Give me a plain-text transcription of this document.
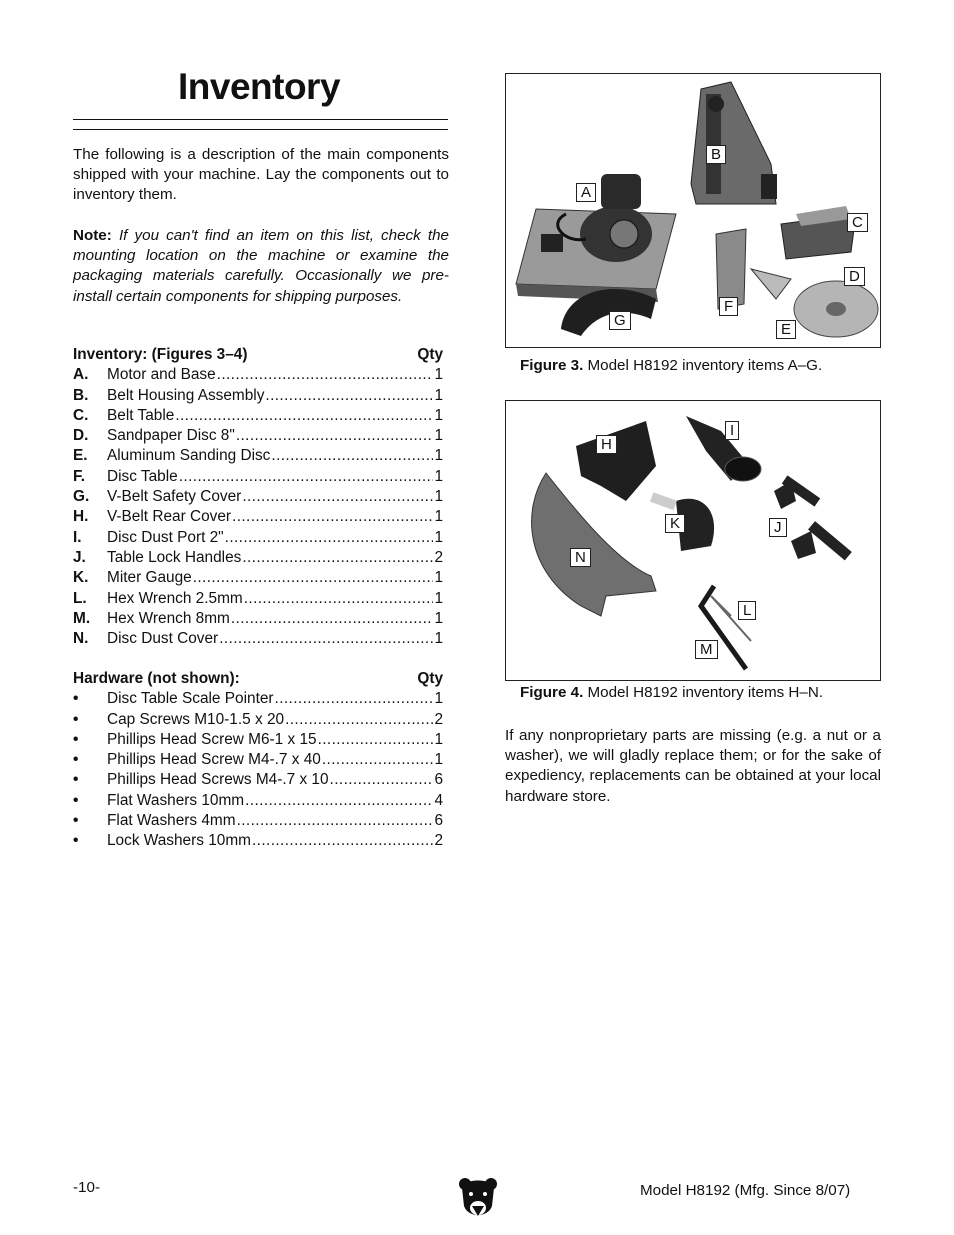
Inventory
The following is a description of the main components shipped with your machine. Lay the components out to inventory them.
Note: If you can't find an item on this list, check the mounting location on the machine or examine the packaging materials carefully. Occasionally we pre-install certain components for shipping purposes.
Inventory: (Figures 3–4)	Qty
A.	Motor and Base .....	1
B.	Belt Housing Assembly .....	1
C.	Belt Table .....	1
D.	Sandpaper Disc 8" .....	1
E.	Aluminum Sanding Disc .....	1
F.	Disc Table .....	1
G.	V-Belt Safety Cover .....	1
H.	V-Belt Rear Cover .....	1
I.	Disc Dust Port 2" .....	1
J.	Table Lock Handles .....	2
K.	Miter Gauge .....	1
L.	Hex Wrench 2.5mm .....	1
M.	Hex Wrench 8mm .....	1
N.	Disc Dust Cover .....	1
Hardware (not shown):	Qty
•	Disc Table Scale Pointer .....	1
•	Cap Screws M10-1.5 x 20 .....	2
•	Phillips Head Screw M6-1 x 15 .....	1
•	Phillips Head Screw M4-.7 x 40 .....	1
•	Phillips Head Screws M4-.7 x 10 .....	6
•	Flat Washers 10mm .....	4
•	Flat Washers 4mm .....	6
•	Lock Washers 10mm .....	2
A
B
C
D
E
F
G
Figure 3. Model H8192 inventory items A–G.
H
I
J
K
L
M
N
Figure 4. Model H8192 inventory items H–N.
If any nonproprietary parts are missing (e.g. a nut or a washer), we will gladly replace them; or for the sake of expediency, replacements can be obtained at your local hardware store.
-10-	Model H8192 (Mfg. Since 8/07)
